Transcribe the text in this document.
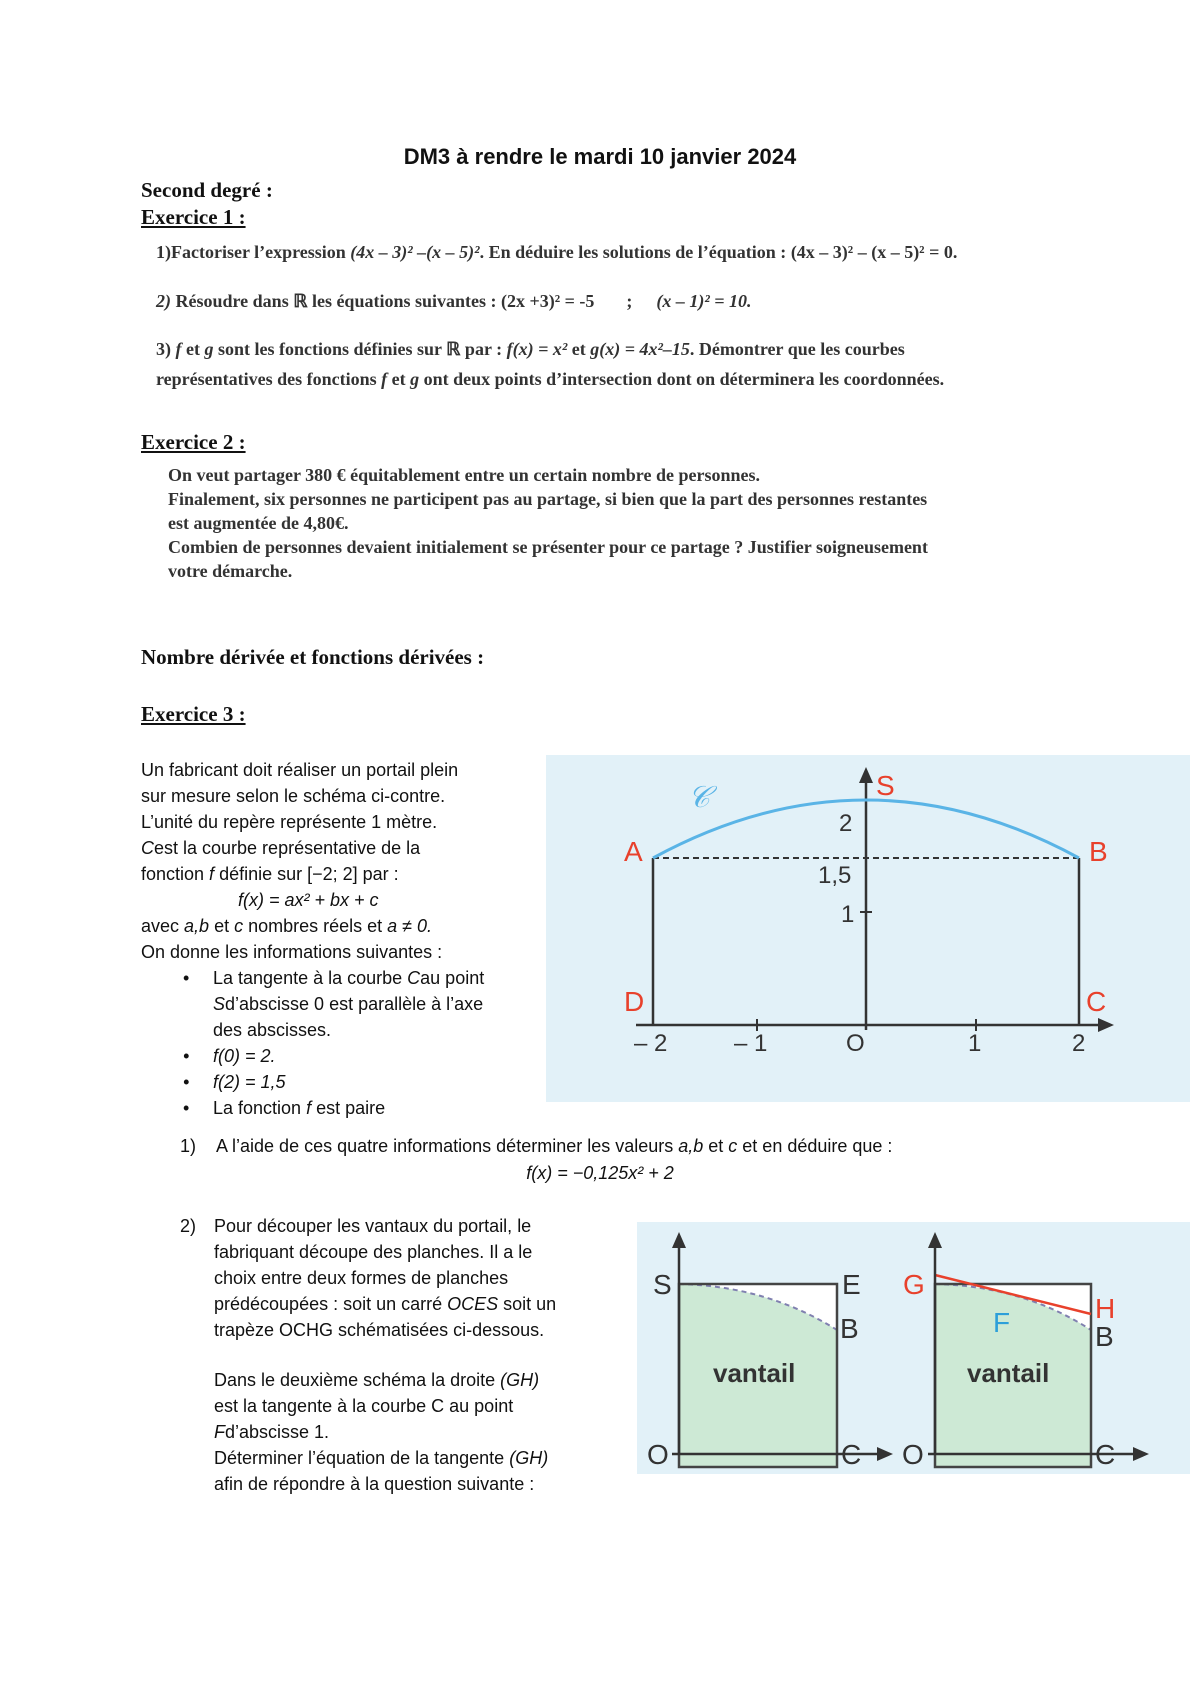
DM3 à rendre le mardi 10 janvier 2024
Second degré :
Exercice 1 :
1)Factoriser l’expression (4x – 3)² –(x – 5)². En déduire les solutions de l’équation : (4x – 3)² – (x – 5)² = 0.
2) Résoudre dans ℝ les équations suivantes : (2x +3)² = -5 ; (x – 1)² = 10.
3) f et g sont les fonctions définies sur ℝ par : f(x) = x² et g(x) = 4x²–15. Démontrer que les courbes
représentatives des fonctions f et g ont deux points d’intersection dont on déterminera les coordonnées.
Exercice 2 :
On veut partager 380 € équitablement entre un certain nombre de personnes.
Finalement, six personnes ne participent pas au partage, si bien que la part des personnes restantes
est augmentée de 4,80€.
Combien de personnes devaient initialement se présenter pour ce partage ? Justifier soigneusement
votre démarche.
Nombre dérivée et fonctions dérivées :
Exercice 3 :
Un fabricant doit réaliser un portail plein
sur mesure selon le schéma ci-contre.
L’unité du repère représente 1 mètre.
Cest la courbe représentative de la
fonction f définie sur [−2; 2] par :
f(x) = ax² + bx + c
avec a,b et c nombres réels et a ≠ 0.
On donne les informations suivantes :
• La tangente à la courbe Cau point
Sd’abscisse 0 est parallèle à l’axe
des abscisses.
• f(0) = 2.
• f(2) = 1,5
• La fonction f est paire
1) A l’aide de ces quatre informations déterminer les valeurs a,b et c et en déduire que :
f(x) = −0,125x² + 2
2) Pour découper les vantaux du portail, le
fabriquant découpe des planches. Il a le
choix entre deux formes de planches
prédécoupées : soit un carré OCES soit un
trapèze OCHG schématisées ci-dessous.
Dans le deuxième schéma la droite (GH)
est la tangente à la courbe C au point
Fd’abscisse 1.
Déterminer l’équation de la tangente (GH)
afin de répondre à la question suivante :
𝒞	S
A	B
C
D
2
1,5
1
– 2	– 1	O	1	2
S	E
B
O	C
vantail
G
H
F	B
O	C
vantail
